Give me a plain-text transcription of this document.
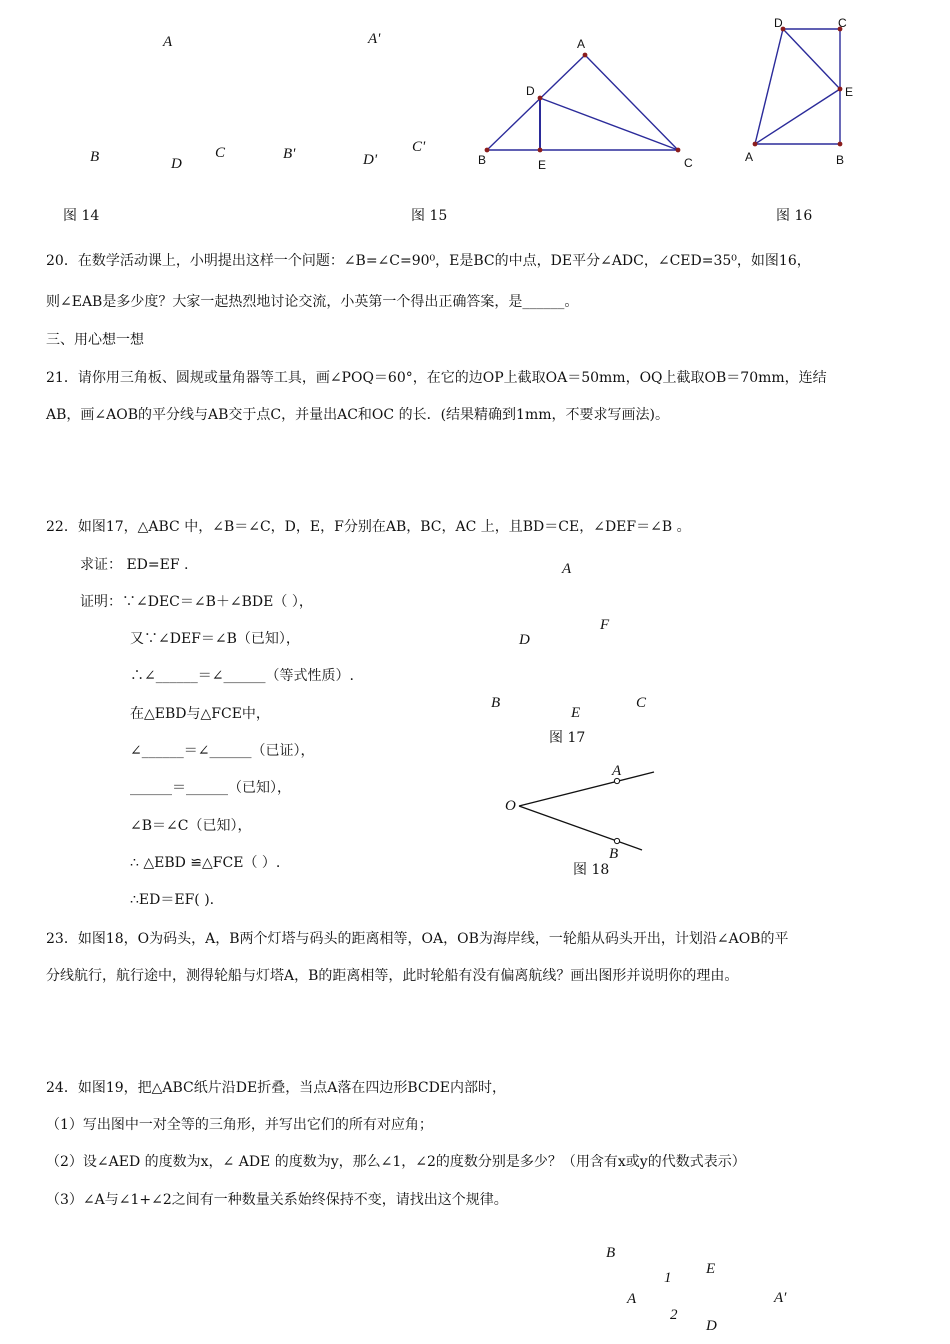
A	A'
B	D
C	B'	D'
C'
图 14
A
D
B	E	C
图 15
D	C
E
A	B
图 16
20．在数学活动课上，小明提出这样一个问题：∠B=∠C=90⁰，E是BC的中点，DE平分∠ADC，∠CED=35⁰，如图16，
则∠EAB是多少度？大家一起热烈地讨论交流，小英第一个得出正确答案，是______。
三、用心想一想
21．请你用三角板、圆规或量角器等工具，画∠POQ＝60°，在它的边OP上截取OA＝50mm，OQ上截取OB＝70mm，连结
AB，画∠AOB的平分线与AB交于点C，并量出AC和OC 的长．(结果精确到1mm，不要求写画法)。
22．如图17，△ABC 中，∠B＝∠C，D，E，F分别在AB，BC，AC 上，且BD＝CE，∠DEF＝∠B 。
求证： ED=EF .
证明：∵∠DEC＝∠B＋∠BDE（ ），
又∵∠DEF＝∠B（已知），
∴∠______＝∠______（等式性质）.
在△EBD与△FCE中，
∠______＝∠______（已证），
______＝______（已知），
∠B＝∠C（已知），
∴ △EBD ≌△FCE（ ）.
∴ED＝EF( ).
A
F
D
B
E
C
图 17
A
O
B
图 18
23．如图18，O为码头，A，B两个灯塔与码头的距离相等，OA，OB为海岸线，一轮船从码头开出，计划沿∠AOB的平
分线航行，航行途中，测得轮船与灯塔A，B的距离相等，此时轮船有没有偏离航线？画出图形并说明你的理由。
24．如图19，把△ABC纸片沿DE折叠，当点A落在四边形BCDE内部时，
（1）写出图中一对全等的三角形，并写出它们的所有对应角；
（2）设∠AED 的度数为x，∠ ADE 的度数为y，那么∠1，∠2的度数分别是多少？（用含有x或y的代数式表示）
（3）∠A与∠1+∠2之间有一种数量关系始终保持不变，请找出这个规律。
B
1
E
A	A′
2
D
